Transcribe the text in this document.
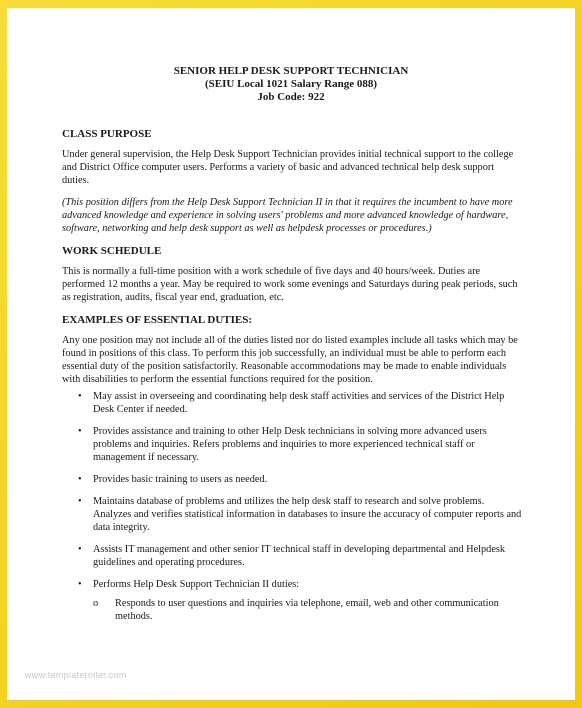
SENIOR HELP DESK SUPPORT TECHNICIAN
(SEIU Local 1021 Salary Range 088)
Job Code: 922
CLASS PURPOSE

Under general supervision, the Help Desk Support Technician provides initial technical support to the college and District Office computer users. Performs a variety of basic and advanced technical help desk support duties.

(This position differs from the Help Desk Support Technician II in that it requires the incumbent to have more advanced knowledge and experience in solving users' problems and more advanced knowledge of hardware, software, networking and help desk support as well as helpdesk processes or procedures.)

WORK SCHEDULE

This is normally a full-time position with a work schedule of five days and 40 hours/week. Duties are performed 12 months a year. May be required to work some evenings and Saturdays during peak periods, such as registration, audits, fiscal year end, graduation, etc.

EXAMPLES OF ESSENTIAL DUTIES:

Any one position may not include all of the duties listed nor do listed examples include all tasks which may be found in positions of this class. To perform this job successfully, an individual must be able to perform each essential duty of the position satisfactorily. Reasonable accommodations may be made to enable individuals with disabilities to perform the essential functions required for the position.

• May assist in overseeing and coordinating help desk staff activities and services of the District Help Desk Center if needed.
• Provides assistance and training to other Help Desk technicians in solving more advanced users problems and inquiries. Refers problems and inquiries to more experienced technical staff or management if necessary.
• Provides basic training to users as needed.
• Maintains database of problems and utilizes the help desk staff to research and solve problems. Analyzes and verifies statistical information in databases to insure the accuracy of computer reports and data integrity.
• Assists IT management and other senior IT technical staff in developing departmental and Helpdesk guidelines and operating procedures.
• Performs Help Desk Support Technician II duties:
o Responds to user questions and inquiries via telephone, email, web and other communication methods.
www.templateroller.com
